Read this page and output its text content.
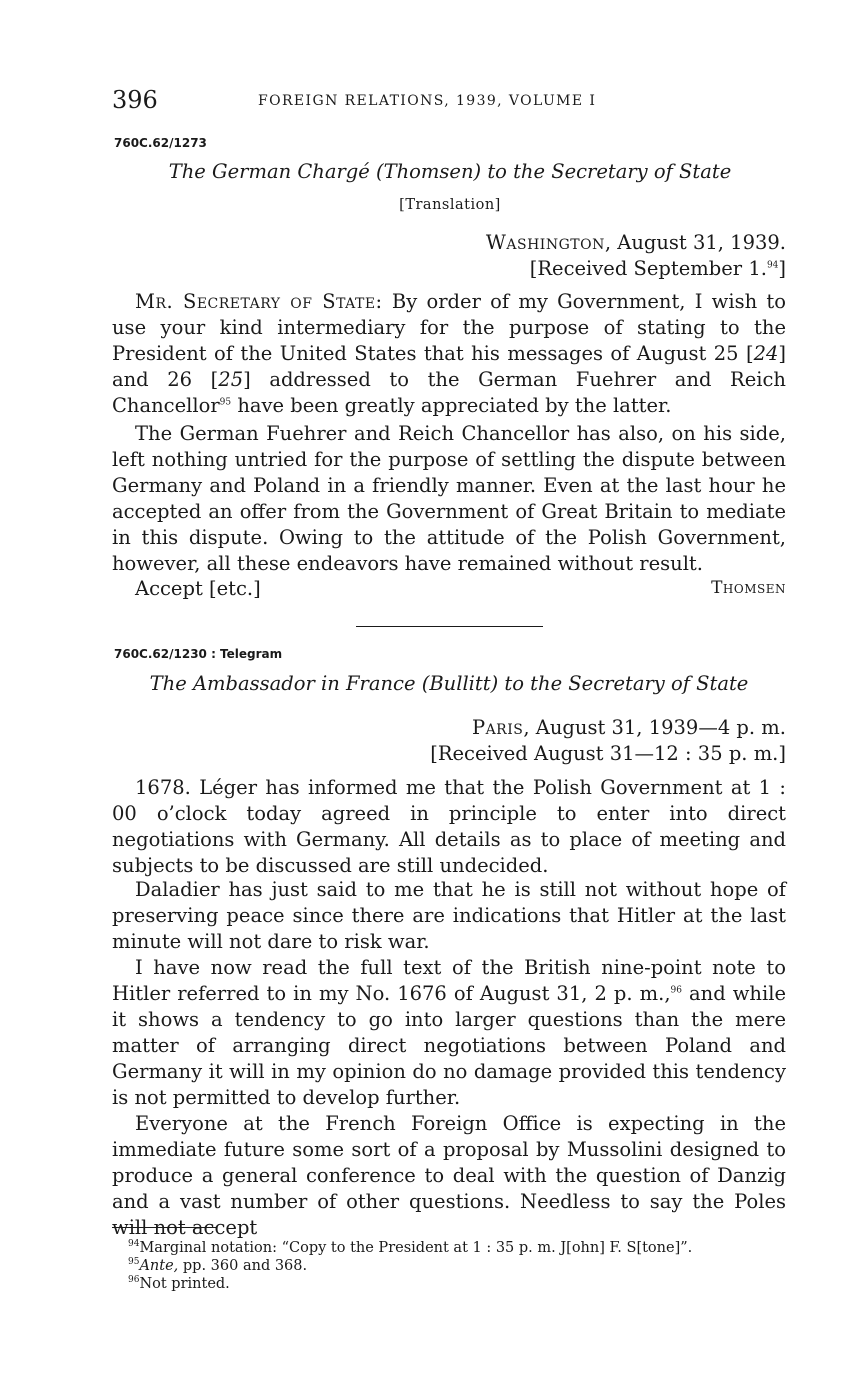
396	FOREIGN RELATIONS, 1939, VOLUME I
760C.62/1273
The German Chargé (Thomsen) to the Secretary of State
[Translation]
Washington, August 31, 1939.
[Received September 1.94]
Mr. Secretary of State: By order of my Government, I wish to use your kind intermediary for the purpose of stating to the President of the United States that his messages of August 25 [24] and 26 [25] addressed to the German Fuehrer and Reich Chancellor$^{95}$ have been greatly appreciated by the latter.
The German Fuehrer and Reich Chancellor has also, on his side, left nothing untried for the purpose of settling the dispute between Germany and Poland in a friendly manner. Even at the last hour he accepted an offer from the Government of Great Britain to mediate in this dispute. Owing to the attitude of the Polish Government, however, all these endeavors have remained without result.
Accept [etc.]	Thomsen
760C.62/1230 : Telegram
The Ambassador in France (Bullitt) to the Secretary of State
Paris, August 31, 1939—4 p. m.
[Received August 31—12 : 35 p. m.]
1678. Léger has informed me that the Polish Government at 1 : 00 o’clock today agreed in principle to enter into direct negotiations with Germany. All details as to place of meeting and subjects to be discussed are still undecided.
Daladier has just said to me that he is still not without hope of preserving peace since there are indications that Hitler at the last minute will not dare to risk war.
I have now read the full text of the British nine-point note to Hitler referred to in my No. 1676 of August 31, 2 p. m.,$^{96}$ and while it shows a tendency to go into larger questions than the mere matter of arranging direct negotiations between Poland and Germany it will in my opinion do no damage provided this tendency is not permitted to develop further.
Everyone at the French Foreign Office is expecting in the immediate future some sort of a proposal by Mussolini designed to produce a general conference to deal with the question of Danzig and a vast number of other questions. Needless to say the Poles will not accept
$^{94}$Marginal notation: “Copy to the President at 1 : 35 p. m. J[ohn] F. S[tone]”.
$^{95}$Ante, pp. 360 and 368.
$^{96}$Not printed.
